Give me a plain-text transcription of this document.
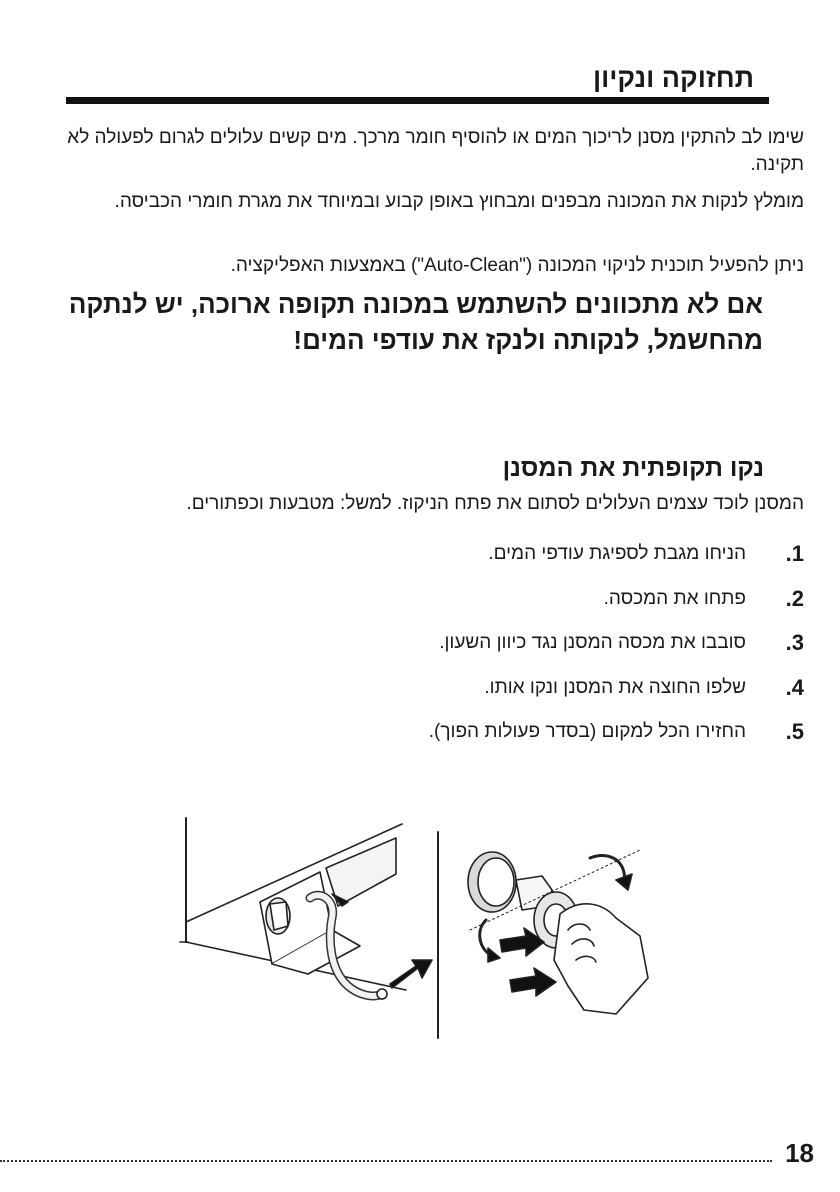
תחזוקה ונקיון
שימו לב להתקין מסנן לריכוך המים או להוסיף חומר מרכך. מים קשים עלולים לגרום לפעולה לא תקינה.
מומלץ לנקות את המכונה מבפנים ומבחוץ באופן קבוע ובמיוחד את מגרת חומרי הכביסה.
ניתן להפעיל תוכנית לניקוי המכונה ("Auto-Clean") באמצעות האפליקציה.
אם לא מתכוונים להשתמש במכונה תקופה ארוכה, יש לנתקה מהחשמל, לנקותה ולנקז את עודפי המים!
נקו תקופתית את המסנן
המסנן לוכד עצמים העלולים לסתום את פתח הניקוז. למשל: מטבעות וכפתורים.
1.
הניחו מגבת לספיגת עודפי המים.
2.
פתחו את המכסה.
3.
סובבו את מכסה המסנן נגד כיוון השעון.
4.
שלפו החוצה את המסנן ונקו אותו.
5.
החזירו הכל למקום (בסדר פעולות הפוך).
18
